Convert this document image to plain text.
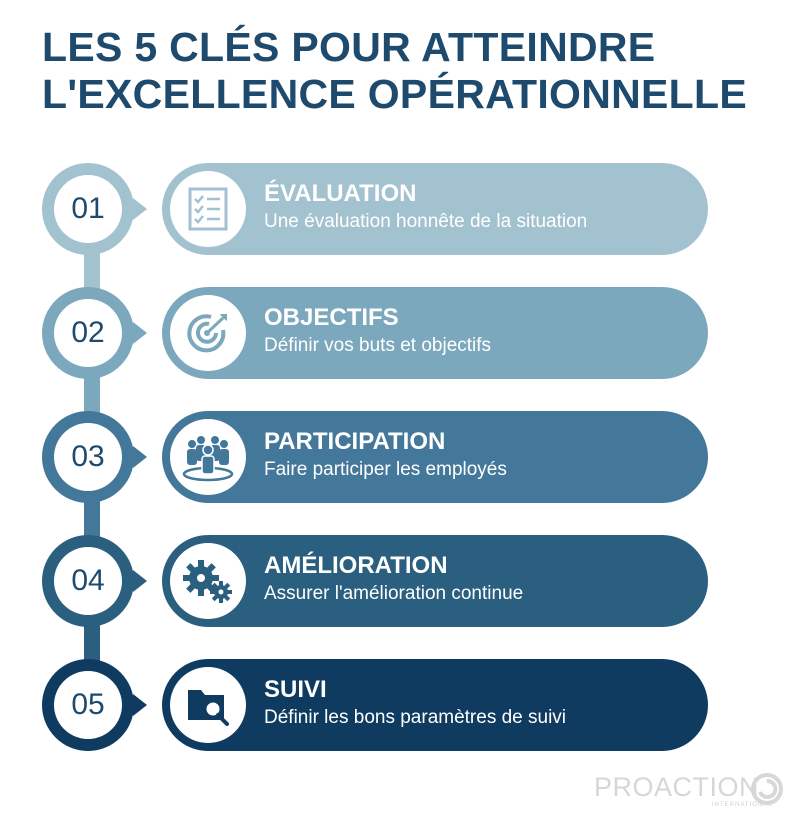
LES 5 CLÉS POUR ATTEINDRE
L'EXCELLENCE OPÉRATIONNELLE
01	ÉVALUATION
Une évaluation honnête de la situation
02	OBJECTIFS
Définir vos buts et objectifs
03	PARTICIPATION
Faire participer les employés
04	AMÉLIORATION
Assurer l'amélioration continue
05	SUIVI
Définir les bons paramètres de suivi
PROACTION
INTERNATIONAL
